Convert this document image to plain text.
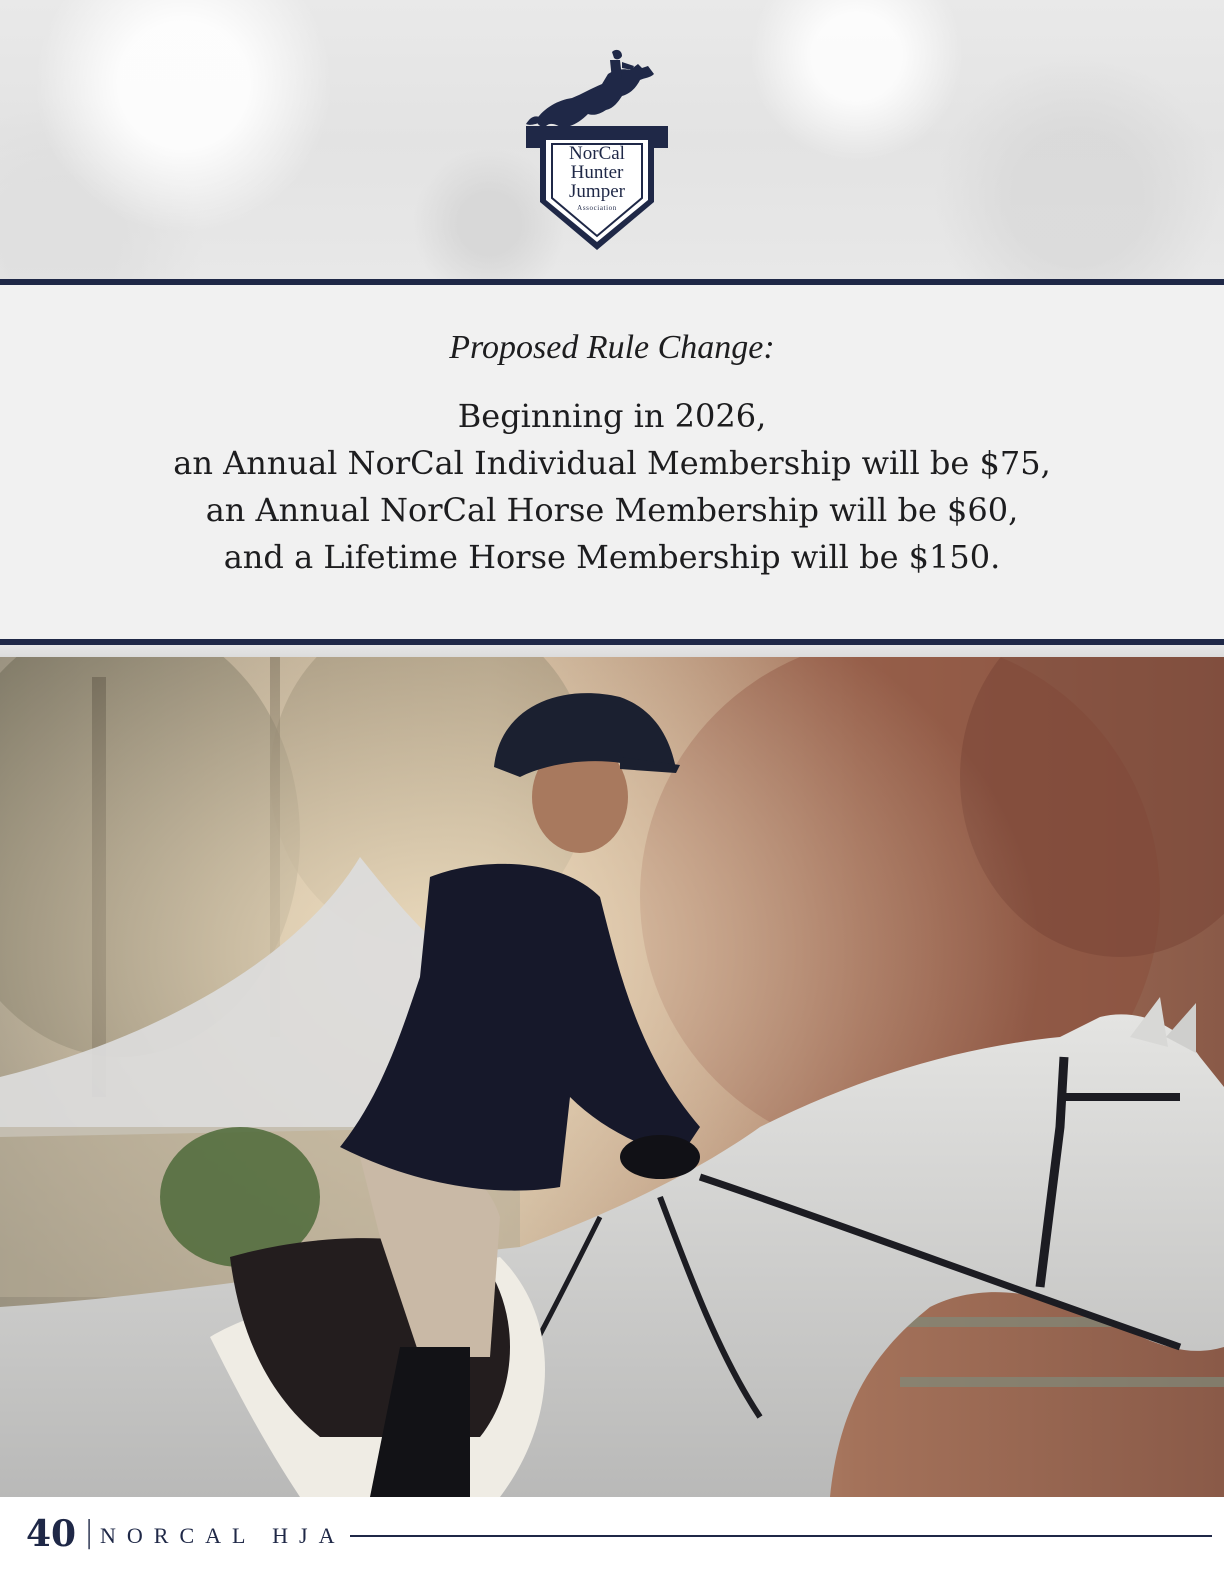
NorCal
Hunter
Jumper
Association
Proposed Rule Change:
Beginning in 2026,
an Annual NorCal Individual Membership will be $75,
an Annual NorCal Horse Membership will be $60,
and a Lifetime Horse Membership will be $150.
40 | NORCAL HJA
